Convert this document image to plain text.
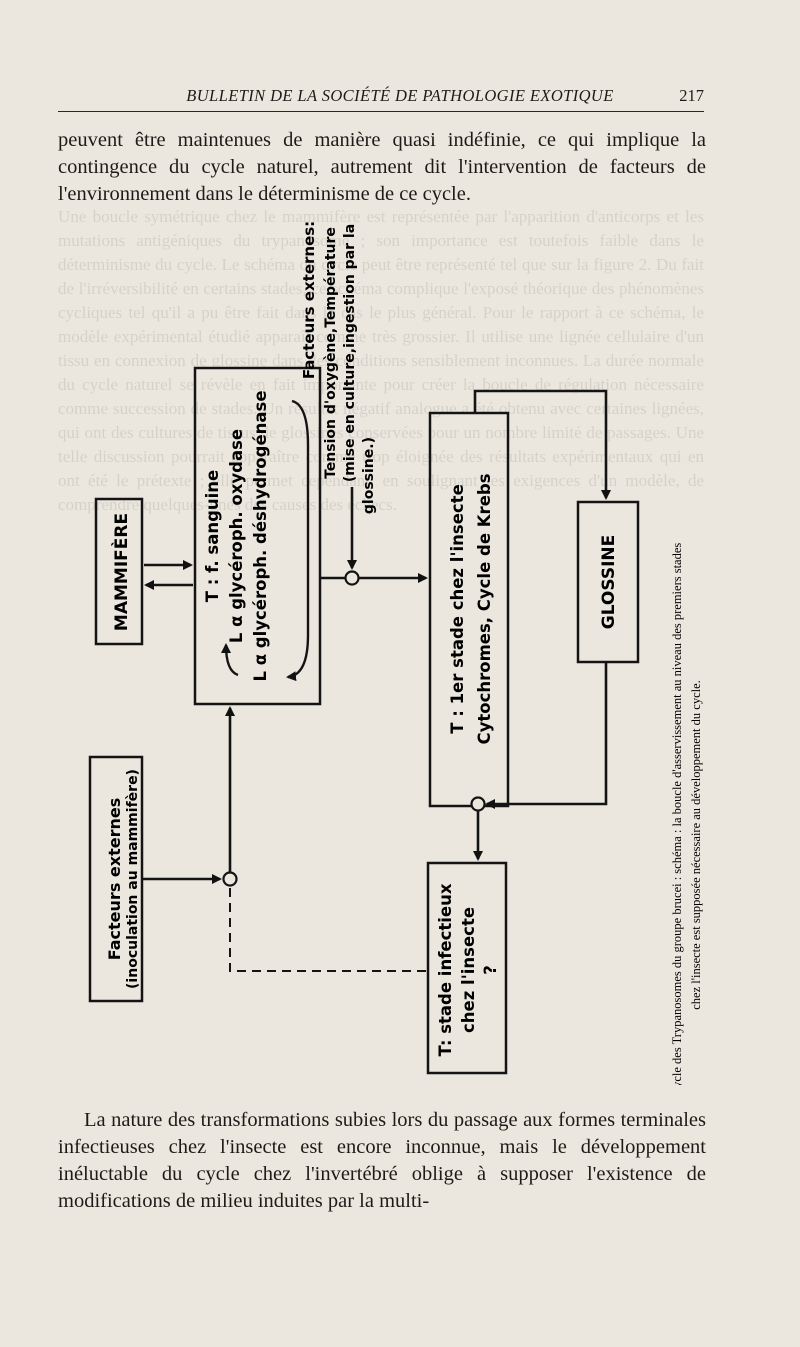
BULLETIN DE LA SOCIÉTÉ DE PATHOLOGIE EXOTIQUE	217
peuvent être maintenues de manière quasi indéfinie, ce qui implique la contingence du cycle naturel, autrement dit l'intervention de facteurs de l'environnement dans le déterminisme de ce cycle.
Une boucle symétrique chez le mammifère est représentée par l'apparition d'anticorps et les mutations antigéniques du trypanosome ; son importance est toutefois faible dans le déterminisme du cycle. Le schéma du cycle peut être représenté tel que sur la figure 2. Du fait de l'irréversibilité en certains stades, ce schéma complique l'exposé théorique des phénomènes cycliques tel qu'il a pu être fait dans le cas le plus général. Pour le rapport à ce schéma, le modèle expérimental étudié apparaît comme très grossier. Il utilise une lignée cellulaire d'un tissu en connexion de glossine dans des conditions sensiblement inconnues. La durée normale du cycle naturel se révèle en fait importante pour créer la boucle de régulation nécessaire comme succession de stades. Un résultat négatif analogue a été obtenu avec certaines lignées, qui ont des cultures de tissus de glossines conservées pour un nombre limité de passages. Une telle discussion pourrait apparaître comme trop éloignée des résultats expérimentaux qui en ont été le prétexte ; elle permet cependant, en soulignant les exigences d'un modèle, de comprendre quelques-unes des causes des échecs.
MAMMIFÈRE	T : f. sanguine L α glycéroph. oxydase L α glycéroph. déshydrogénase
Facteurs externes: Tension d'oxygène,Température (mise en culture,ingestion par la glossine.)
T : 1er stade chez l'insecte Cytochromes, Cycle de Krebs	GLOSSINE
Facteurs externes (inoculation au mammifère)	T: stade infectieux chez l'insecte ?	Fig. 2. — Cycle des Trypanosomes du groupe brucei : schéma : la boucle d'asservissement au niveau des premiers stades chez l'insecte est supposée nécessaire au développement du cycle.
La nature des transformations subies lors du passage aux formes terminales infectieuses chez l'insecte est encore inconnue, mais le développement inéluctable du cycle chez l'invertébré oblige à supposer l'existence de modifications de milieu induites par la multi-
